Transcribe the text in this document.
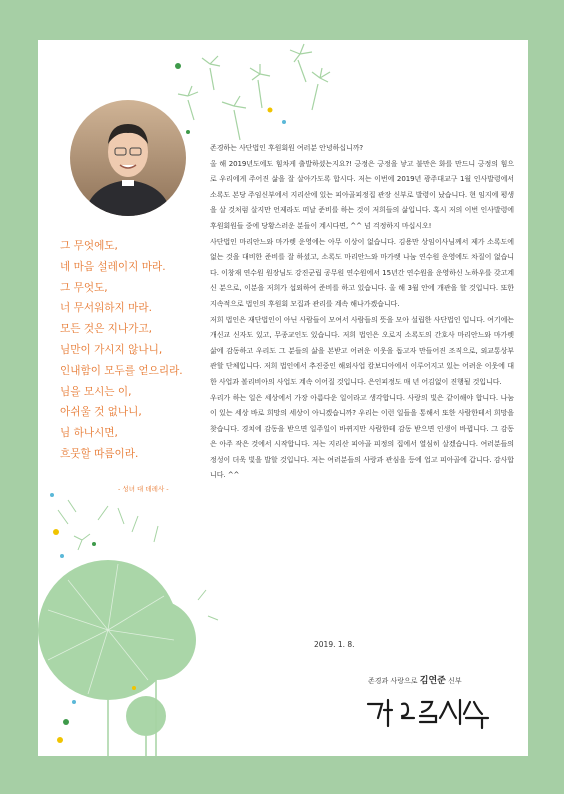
그 무엇에도,
네 마음 설레이지 마라.
그 무엇도,
너 무서워하지 마라.
모든 것은 지나가고,
님만이 가시지 않나니,
인내함이 모두를 얻으리라.
님을 모시는 이,
아쉬울 것 없나니,
님 하나시면,
흐뭇할 따름이라.
- 성녀 대 데레사 -

존경하는 사단법인 후원회원 여러분 안녕하십니까?

올 해 2019년도에도 힘차게 출발하셨는지요?! 긍정은 긍정을 낳고 불만은 화를 만드니 긍정의 힘으로 우리에게 주어진 삶을 잘 살아가도록 합시다. 저는 이번에 2019년 광주대교구 1월 인사발령에서 소록도 본당 주임신부에서 지리산에 있는 피아골피정집 관장 신부로 발령이 났습니다. 현 임지에 평생을 살 것처럼 살지만 언제라도 떠날 준비를 하는 것이 저희들의 삶입니다. 혹시 저의 이번 인사발령에 후원회원들 중에 당황스러운 분들이 계시다면, ^^ 넘 걱정하지 마십시오!

사단법인 마리안느와 마가렛 운영에는 아무 이상이 없습니다. 김용만 상임이사님께서 제가 소록도에 없는 것을 대비한 준비를 잘 하셨고, 소록도 마리안느와 마가렛 나눔 연수원 운영에도 차질이 없습니다. 이창재 연수원 원장님도 강진군립 공무원 연수원에서 15년간 연수원을 운영하신 노하우를 갖고계신 분으로, 이분을 저희가 섭외하여 준비를 하고 있습니다. 올 해 3월 안에 개관을 할 것입니다. 또한 지속적으로 법인의 후원회 모집과 관리를 계속 해나가겠습니다.

저희 법인은 재단법인이 아닌 사람들이 모여서 사람들의 뜻을 모아 설립한 사단법인 입니다. 여기에는 개신교 신자도 있고, 무종교인도 있습니다. 저희 법인은 오로지 소록도의 간호사 마리안느와 마가렛 삶에 감동하고 우리도 그 분들의 삶을 본받고 어려운 이웃을 돕고자 만들어진 조직으로, 외교통상부 관할 단체입니다. 저희 법인에서 추진중인 해외사업 캄보디아에서 이루어지고 있는 어려운 이웃에 대한 사업과 볼리비아의 사업도 계속 이어질 것입니다. 은인피정도 매 년 어김없이 진행될 것입니다.

우리가 하는 일은 세상에서 가장 아름다운 일이라고 생각합니다. 사랑의 빛은 같이해야 합니다. 나눔이 있는 세상 바로 희망의 세상이 아니겠습니까? 우리는 이런 일들을 통해서 또한 사람한테서 희망을 찾습니다. 경치에 감동을 받으면 일주일이 바뀌지만 사람한테 감동 받으면 인생이 바뀝니다. 그 감동은 아주 작은 것에서 시작합니다. 저는 지리산 피아골 피정의 집에서 열심히 살겠습니다. 여러분들의 정성이 더욱 빛을 발할 것입니다. 저는 여러분들의 사랑과 관심을 등에 업고 피아골에 갑니다. 감사합니다. ^^

2019. 1. 8.
존경과 사랑으로 김연준 신부
